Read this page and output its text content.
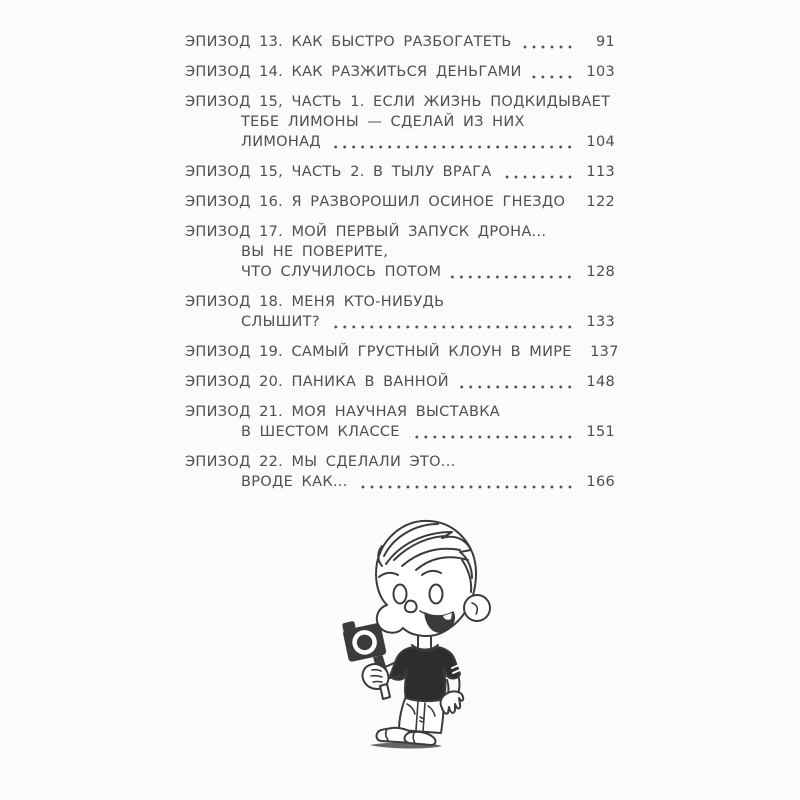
ЭПИЗОД 13. КАК БЫСТРО РАЗБОГАТЕТЬ	91
ЭПИЗОД 14. КАК РАЗЖИТЬСЯ ДЕНЬГАМИ	103
ЭПИЗОД 15, ЧАСТЬ 1. ЕСЛИ ЖИЗНЬ ПОДКИДЫВАЕТ
ТЕБЕ ЛИМОНЫ — СДЕЛАЙ ИЗ НИХ
ЛИМОНАД	104
ЭПИЗОД 15, ЧАСТЬ 2. В ТЫЛУ ВРАГА	113
ЭПИЗОД 16. Я РАЗВОРОШИЛ ОСИНОЕ ГНЕЗДО	122
ЭПИЗОД 17. МОЙ ПЕРВЫЙ ЗАПУСК ДРОНА...
ВЫ НЕ ПОВЕРИТЕ,
ЧТО СЛУЧИЛОСЬ ПОТОМ	128
ЭПИЗОД 18. МЕНЯ КТО-НИБУДЬ
СЛЫШИТ?	133
ЭПИЗОД 19. САМЫЙ ГРУСТНЫЙ КЛОУН В МИРЕ	137
ЭПИЗОД 20. ПАНИКА В ВАННОЙ	148
ЭПИЗОД 21. МОЯ НАУЧНАЯ ВЫСТАВКА
В ШЕСТОМ КЛАССЕ	151
ЭПИЗОД 22. МЫ СДЕЛАЛИ ЭТО...
ВРОДЕ КАК...	166
